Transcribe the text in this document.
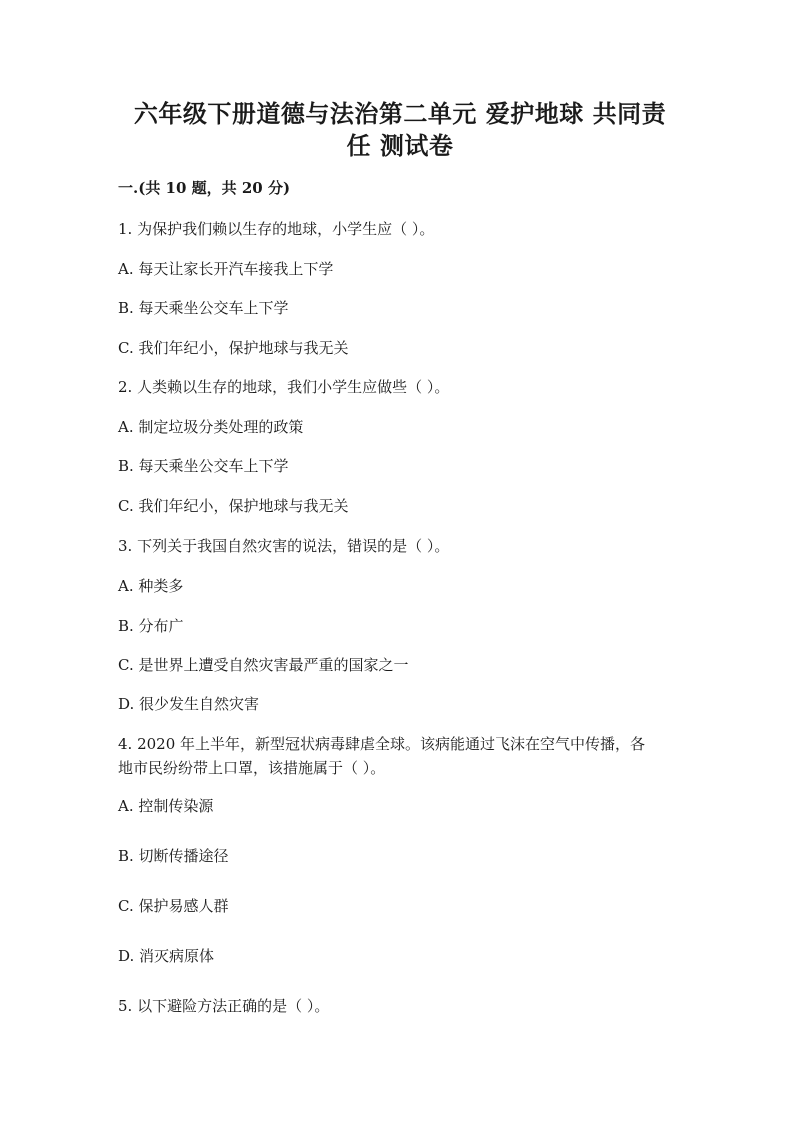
六年级下册道德与法治第二单元 爱护地球 共同责
任 测试卷
一.(共 10 题，共 20 分)
1. 为保护我们赖以生存的地球，小学生应（ ）。
A. 每天让家长开汽车接我上下学
B. 每天乘坐公交车上下学
C. 我们年纪小，保护地球与我无关
2. 人类赖以生存的地球，我们小学生应做些（ ）。
A. 制定垃圾分类处理的政策
B. 每天乘坐公交车上下学
C. 我们年纪小，保护地球与我无关
3. 下列关于我国自然灾害的说法，错误的是（ ）。
A. 种类多
B. 分布广
C. 是世界上遭受自然灾害最严重的国家之一
D. 很少发生自然灾害
4. 2020 年上半年，新型冠状病毒肆虐全球。该病能通过飞沫在空气中传播，各
地市民纷纷带上口罩，该措施属于（ ）。
A. 控制传染源
B. 切断传播途径
C. 保护易感人群
D. 消灭病原体
5. 以下避险方法正确的是（ ）。
